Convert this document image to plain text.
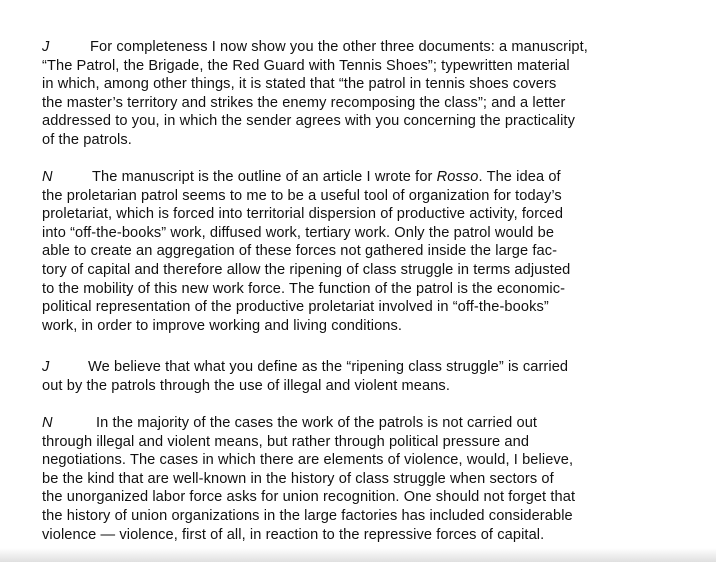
J	For completeness I now show you the other three documents: a manuscript,
“The Patrol, the Brigade, the Red Guard with Tennis Shoes”; typewritten material
in which, among other things, it is stated that “the patrol in tennis shoes covers
the master’s territory and strikes the enemy recomposing the class”; and a letter
addressed to you, in which the sender agrees with you concerning the practicality
of the patrols.
N	The manuscript is the outline of an article I wrote for Rosso. The idea of
the proletarian patrol seems to me to be a useful tool of organization for today’s
proletariat, which is forced into territorial dispersion of productive activity, forced
into “off-the-books” work, diffused work, tertiary work. Only the patrol would be
able to create an aggregation of these forces not gathered inside the large fac-
tory of capital and therefore allow the ripening of class struggle in terms adjusted
to the mobility of this new work force. The function of the patrol is the economic-
political representation of the productive proletariat involved in “off-the-books”
work, in order to improve working and living conditions.
J	We believe that what you define as the “ripening class struggle” is carried
out by the patrols through the use of illegal and violent means.
N	In the majority of the cases the work of the patrols is not carried out
through illegal and violent means, but rather through political pressure and
negotiations. The cases in which there are elements of violence, would, I believe,
be the kind that are well-known in the history of class struggle when sectors of
the unorganized labor force asks for union recognition. One should not forget that
the history of union organizations in the large factories has included considerable
violence — violence, first of all, in reaction to the repressive forces of capital.
